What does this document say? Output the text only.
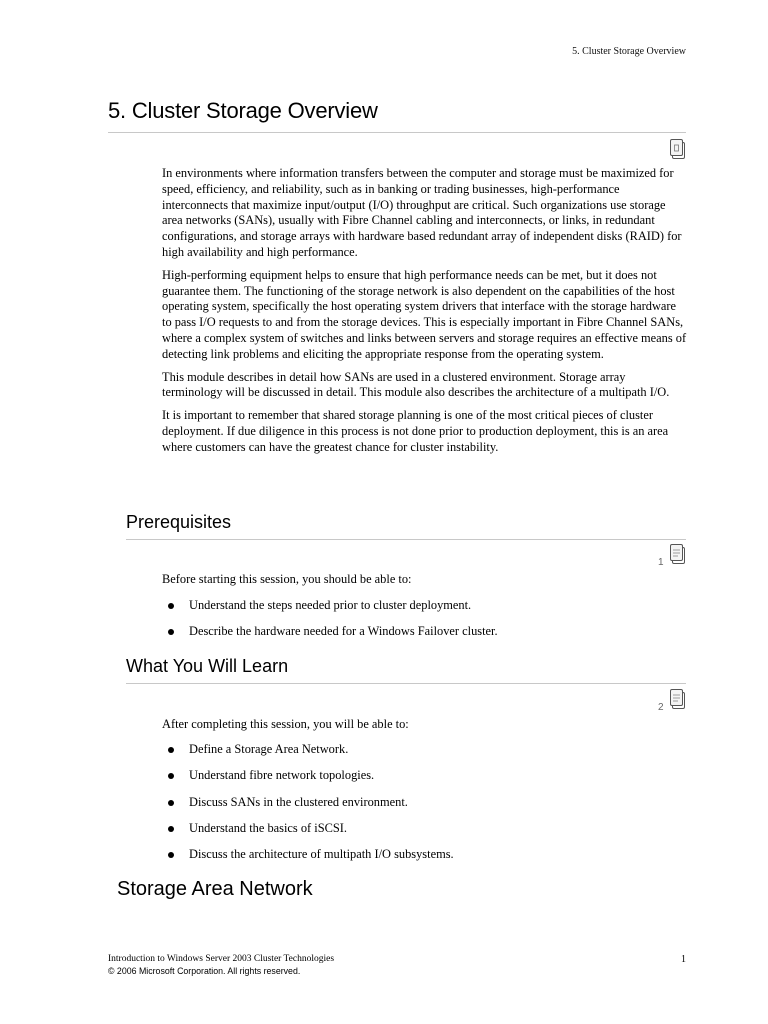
5. Cluster Storage Overview
5. Cluster Storage Overview

In environments where information transfers between the computer and storage must be maximized for speed, efficiency, and reliability, such as in banking or trading businesses, high-performance interconnects that maximize input/output (I/O) throughput are critical. Such organizations use storage area networks (SANs), usually with Fibre Channel cabling and interconnects, or links, in redundant configurations, and storage arrays with hardware based redundant array of independent disks (RAID) for high availability and high performance.

High-performing equipment helps to ensure that high performance needs can be met, but it does not guarantee them. The functioning of the storage network is also dependent on the capabilities of the host operating system, specifically the host operating system drivers that interface with the storage hardware to pass I/O requests to and from the storage devices. This is especially important in Fibre Channel SANs, where a complex system of switches and links between servers and storage requires an effective means of detecting link problems and eliciting the appropriate response from the operating system.

This module describes in detail how SANs are used in a clustered environment. Storage array terminology will be discussed in detail. This module also describes the architecture of a multipath I/O.

It is important to remember that shared storage planning is one of the most critical pieces of cluster deployment. If due diligence in this process is not done prior to production deployment, this is an area where customers can have the greatest chance for cluster instability.

Prerequisites
1
Before starting this session, you should be able to:
Understand the steps needed prior to cluster deployment.
Describe the hardware needed for a Windows Failover cluster.
What You Will Learn
2
After completing this session, you will be able to:
Define a Storage Area Network.
Understand fibre network topologies.
Discuss SANs in the clustered environment.
Understand the basics of iSCSI.
Discuss the architecture of multipath I/O subsystems.
Storage Area Network
Introduction to Windows Server 2003 Cluster Technologies
© 2006 Microsoft Corporation. All rights reserved.
1
